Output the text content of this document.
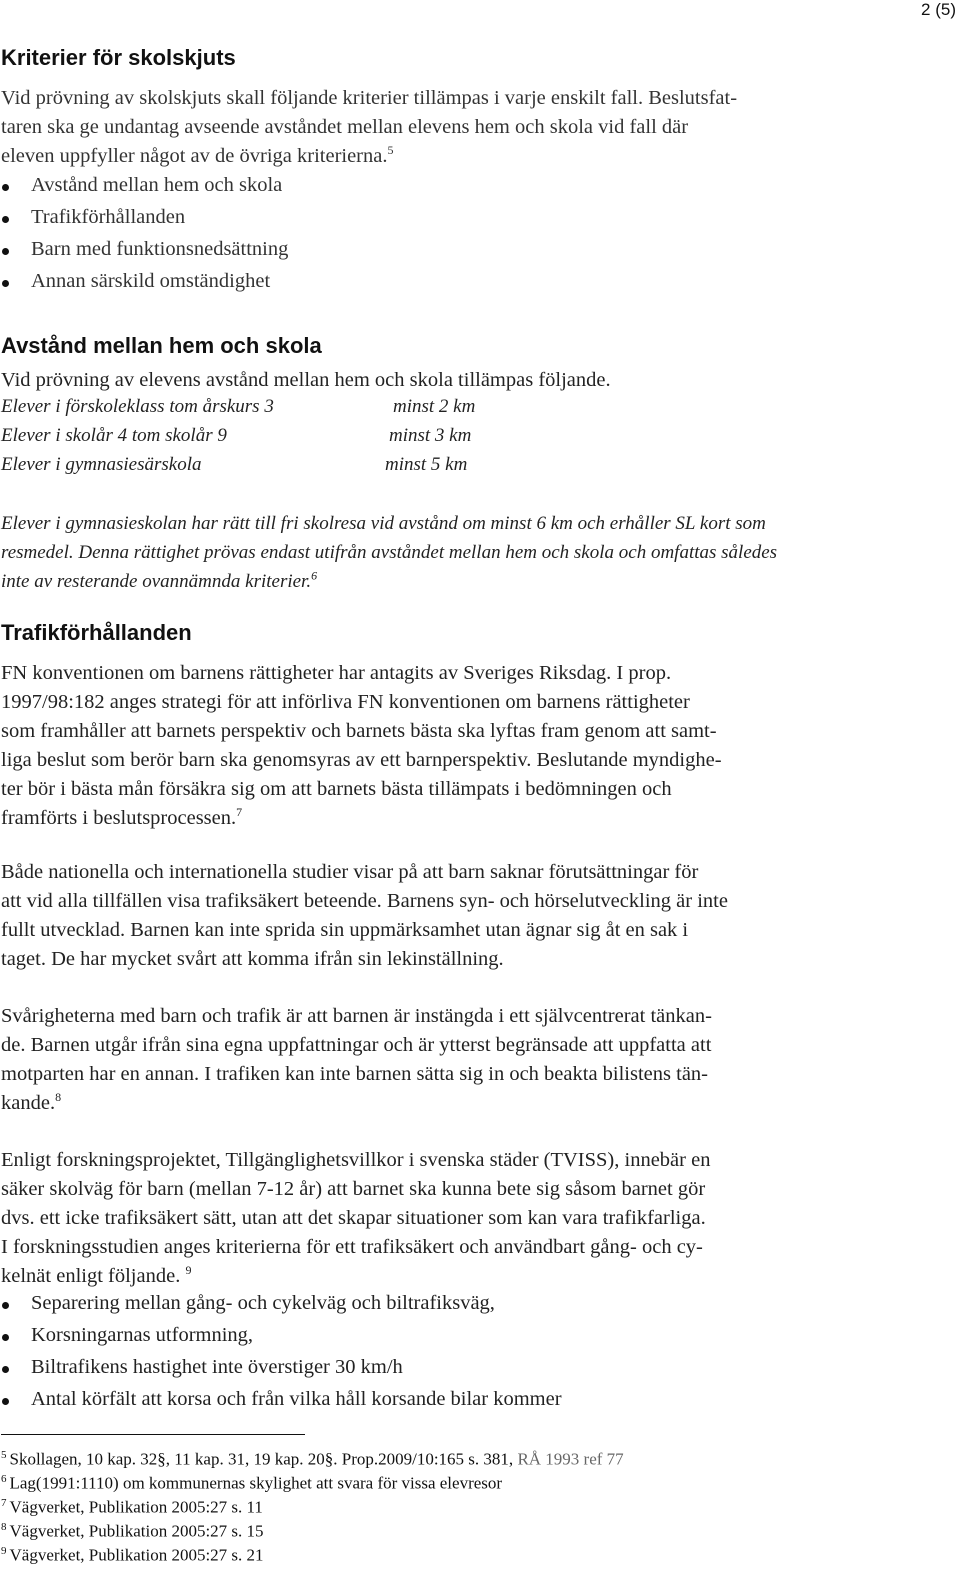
2 (5)
Kriterier för skolskjuts
Vid prövning av skolskjuts skall följande kriterier tillämpas i varje enskilt fall. Beslutsfat-
taren ska ge undantag avseende avståndet mellan elevens hem och skola vid fall där
eleven uppfyller något av de övriga kriterierna.$^5$
Avstånd mellan hem och skola
Trafikförhållanden
Barn med funktionsnedsättning
Annan särskild omständighet
Avstånd mellan hem och skola
Vid prövning av elevens avstånd mellan hem och skola tillämpas följande.
Elever i förskoleklass tom årskurs 3	minst 2 km
Elever i skolår 4 tom skolår 9	minst 3 km
Elever i gymnasiesärskola	minst 5 km
Elever i gymnasieskolan har rätt till fri skolresa vid avstånd om minst 6 km och erhåller SL kort som
resmedel. Denna rättighet prövas endast utifrån avståndet mellan hem och skola och omfattas således
inte av resterande ovannämnda kriterier.$^6$
Trafikförhållanden
FN konventionen om barnens rättigheter har antagits av Sveriges Riksdag. I prop.
1997/98:182 anges strategi för att införliva FN konventionen om barnens rättigheter
som framhåller att barnets perspektiv och barnets bästa ska lyftas fram genom att samt-
liga beslut som berör barn ska genomsyras av ett barnperspektiv. Beslutande myndighe-
ter bör i bästa mån försäkra sig om att barnets bästa tillämpats i bedömningen och
framförts i beslutsprocessen.$^7$
Både nationella och internationella studier visar på att barn saknar förutsättningar för
att vid alla tillfällen visa trafiksäkert beteende. Barnens syn- och hörselutveckling är inte
fullt utvecklad. Barnen kan inte sprida sin uppmärksamhet utan ägnar sig åt en sak i
taget. De har mycket svårt att komma ifrån sin lekinställning.
Svårigheterna med barn och trafik är att barnen är instängda i ett självcentrerat tänkan-
de. Barnen utgår ifrån sina egna uppfattningar och är ytterst begränsade att uppfatta att
motparten har en annan. I trafiken kan inte barnen sätta sig in och beakta bilistens tän-
kande.$^8$
Enligt forskningsprojektet, Tillgänglighetsvillkor i svenska städer (TVISS), innebär en
säker skolväg för barn (mellan 7-12 år) att barnet ska kunna bete sig såsom barnet gör
dvs. ett icke trafiksäkert sätt, utan att det skapar situationer som kan vara trafikfarliga.
I forskningsstudien anges kriterierna för ett trafiksäkert och användbart gång- och cy-
kelnät enligt följande. $^9$
Separering mellan gång- och cykelväg och biltrafiksväg,
Korsningarnas utformning,
Biltrafikens hastighet inte överstiger 30 km/h
Antal körfält att korsa och från vilka håll korsande bilar kommer
$^5$ Skollagen, 10 kap. 32§, 11 kap. 31, 19 kap. 20§. Prop.2009/10:165 s. 381, RÅ 1993 ref 77
$^6$ Lag(1991:1110) om kommunernas skylighet att svara för vissa elevresor
$^7$ Vägverket, Publikation 2005:27 s. 11
$^8$ Vägverket, Publikation 2005:27 s. 15
$^9$ Vägverket, Publikation 2005:27 s. 21
